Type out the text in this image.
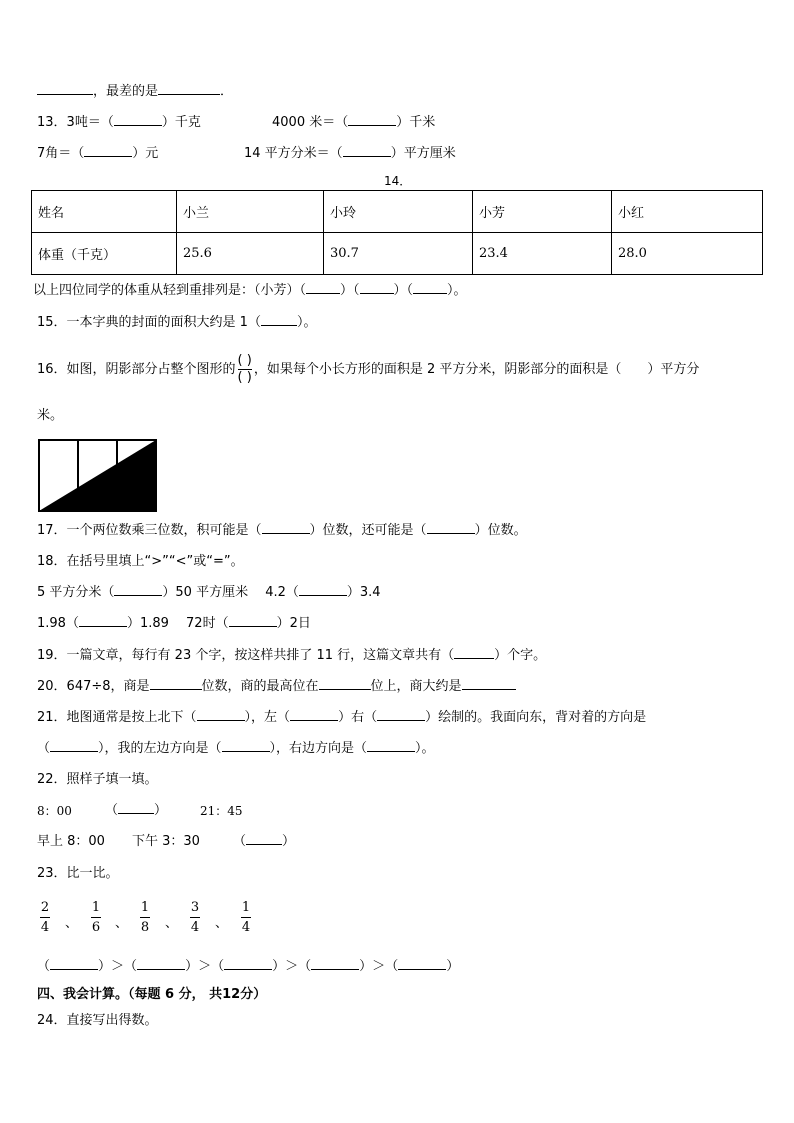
，最差的是	．
13．3吨＝（	）千克	4000 米＝（	）千米
7角＝（	）元	14 平方分米＝（	）平方厘米
14．
姓名	小兰	小玲	小芳	小红
体重（千克）	25.6	30.7	23.4	28.0
以上四位同学的体重从轻到重排列是：（小芳）（	）（	）（	）。
15．一本字典的封面的面积大约是 1（	）。
16．如图，阴影部分占整个图形的 $\frac{( )}{( )}$ ，如果每个小长方形的面积是 2 平方分米，阴影部分的面积是（　　）平方分
米。
17．一个两位数乘三位数，积可能是（	）位数，还可能是（	）位数。
18．在括号里填上“>”“<”或“=”。
5 平方分米（	）50 平方厘米　 4.2（	）3.4
1.98（	）1.89　 72时（	）2日
19．一篇文章，每行有 23 个字，按这样共排了 11 行，这篇文章共有（	）个字。
20．647÷8，商是	位数，商的最高位在	位上，商大约是
21．地图通常是按上北下（	），左（	）右（	）绘制的。我面向东，背对着的方向是
（	），我的左边方向是（	），右边方向是（	）。
22．照样子填一填。
8：00	（	）	21：45
早上 8：00 下午 3：30	（	）
23．比一比。
2
4 、
1
6 、
1
8 、
3
4 、
1
4
（	）＞（	）＞（	）＞（	）＞（	）
四、我会计算。（每题 6 分， 共12分）
24．直接写出得数。
